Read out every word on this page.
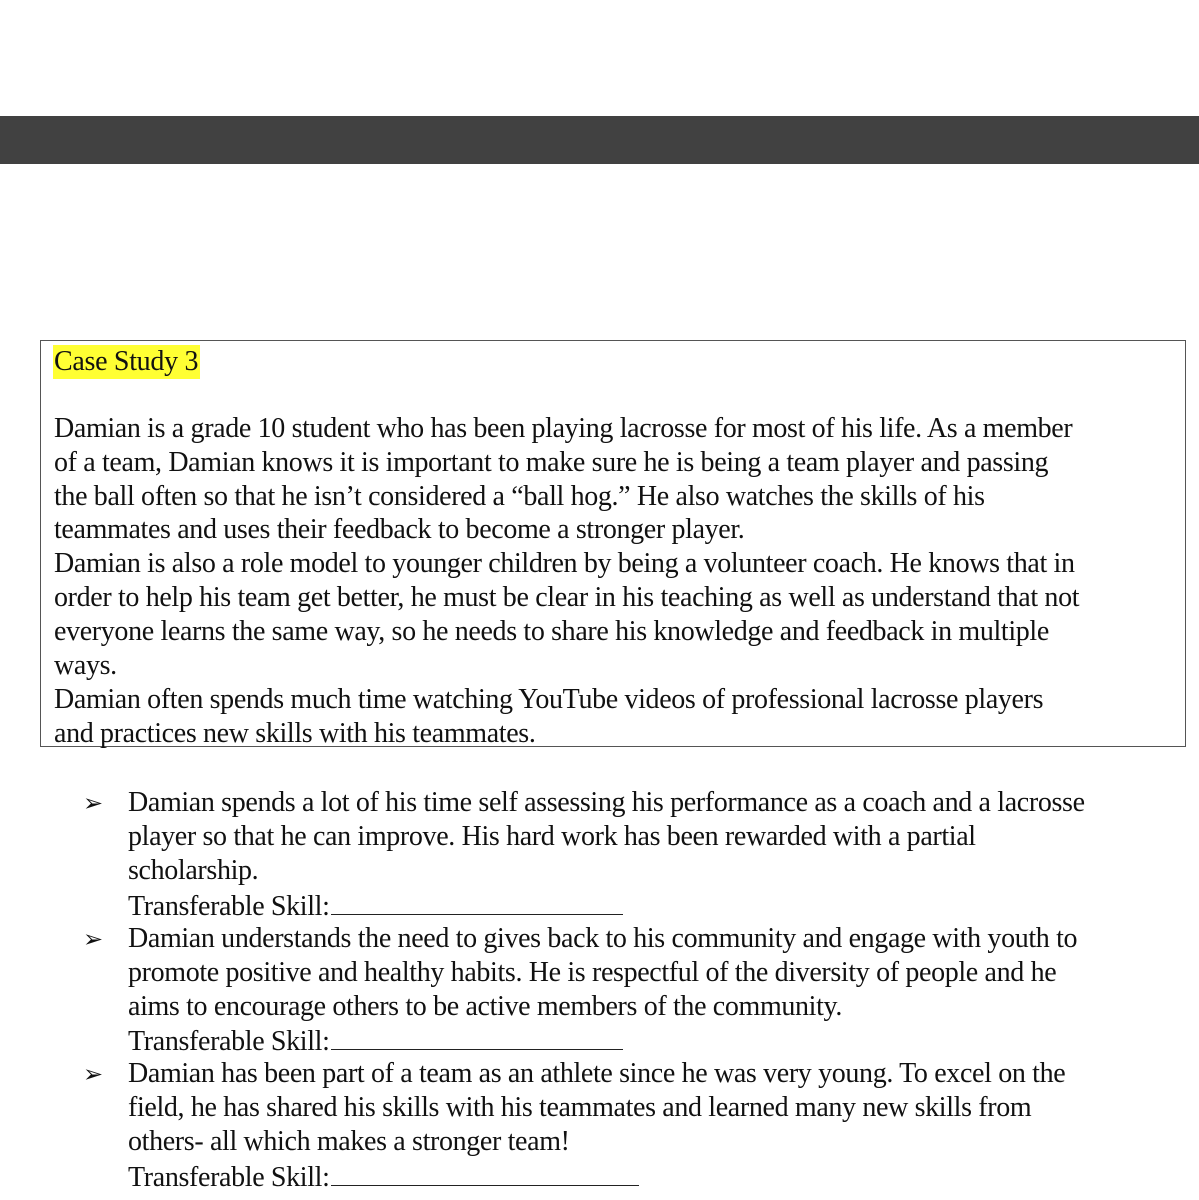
Case Study 3

Damian is a grade 10 student who has been playing lacrosse for most of his life. As a member

of a team, Damian knows it is important to make sure he is being a team player and passing

the ball often so that he isn’t considered a “ball hog.” He also watches the skills of his

teammates and uses their feedback to become a stronger player.

Damian is also a role model to younger children by being a volunteer coach. He knows that in

order to help his team get better, he must be clear in his teaching as well as understand that not

everyone learns the same way, so he needs to share his knowledge and feedback in multiple

ways.

Damian often spends much time watching YouTube videos of professional lacrosse players

and practices new skills with his teammates.

➢ Damian spends a lot of his time self assessing his performance as a coach and a lacrosse

player so that he can improve. His hard work has been rewarded with a partial

scholarship.

Transferable Skill:
➢ Damian understands the need to gives back to his community and engage with youth to

promote positive and healthy habits. He is respectful of the diversity of people and he

aims to encourage others to be active members of the community.

Transferable Skill:
➢ Damian has been part of a team as an athlete since he was very young. To excel on the

field, he has shared his skills with his teammates and learned many new skills from

others- all which makes a stronger team!

Transferable Skill:
